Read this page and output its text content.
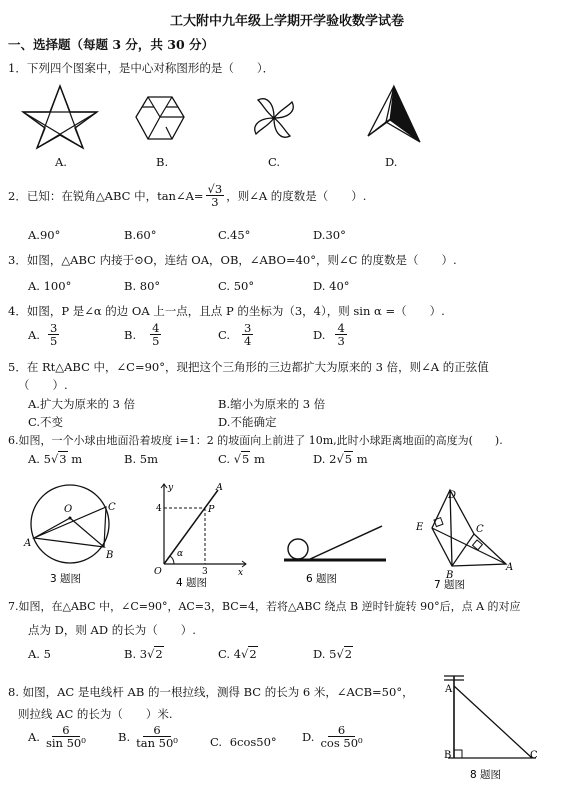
工大附中九年级上学期开学验收数学试卷
一、选择题（每题 3 分，共 30 分）
1．下列四个图案中，是中心对称图形的是（　　）．
A.	B.	C.	D.
2．已知：在锐角△ABC 中，tan∠A= $\frac{√3}{3}$ ，则∠A 的度数是（　　）.
A.90°	B.60°	C.45°	D.30°
3．如图，△ABC 内接于⊙O，连结 OA，OB，∠ABO=40°，则∠C 的度数是（　　）.
A. 100°	B. 80°	C. 50°	D. 40°
4．如图，P 是∠α 的边 OA 上一点，且点 P 的坐标为（3，4），则 sin α =（　　）.
A. $\frac{3}{5}$	B. $\frac{4}{5}$	C. $\frac{3}{4}$	D. $\frac{4}{3}$
5．在 Rt△ABC 中，∠C=90°，现把这个三角形的三边都扩大为原来的 3 倍，则∠A 的正弦值
（　　）.
A.扩大为原来的 3 倍	B.缩小为原来的 3 倍
C.不变	D.不能确定
6.如图，一个小球由地面沿着坡度 i=1：2 的坡面向上前进了 10m,此时小球距离地面的高度为(　　).
A. 5√3 m	B. 5m	C. √5 m	D. 2√5 m
O	C
A
B
3 题图
y	A
P
4
α
O	3	x
4 题图	6 题图
D
E	C
B
A
7 题图
7.如图，在△ABC 中，∠C=90°，AC=3，BC=4，若将△ABC 绕点 B 逆时针旋转 90°后，点 A 的对应
点为 D，则 AD 的长为（　　）.
A. 5	B. 3√2	C. 4√2	D. 5√2
8. 如图，AC 是电线杆 AB 的一根拉线，测得 BC 的长为 6 米，∠ACB=50°，
则拉线 AC 的长为（　　）米.
A. $\frac{6}{\text{sin 50⁰}}$	B. $\frac{6}{\text{tan 50⁰}}$	C. 6cos50° D. $\frac{6}{\text{cos 50⁰}}$
A
B	C
8 题图
